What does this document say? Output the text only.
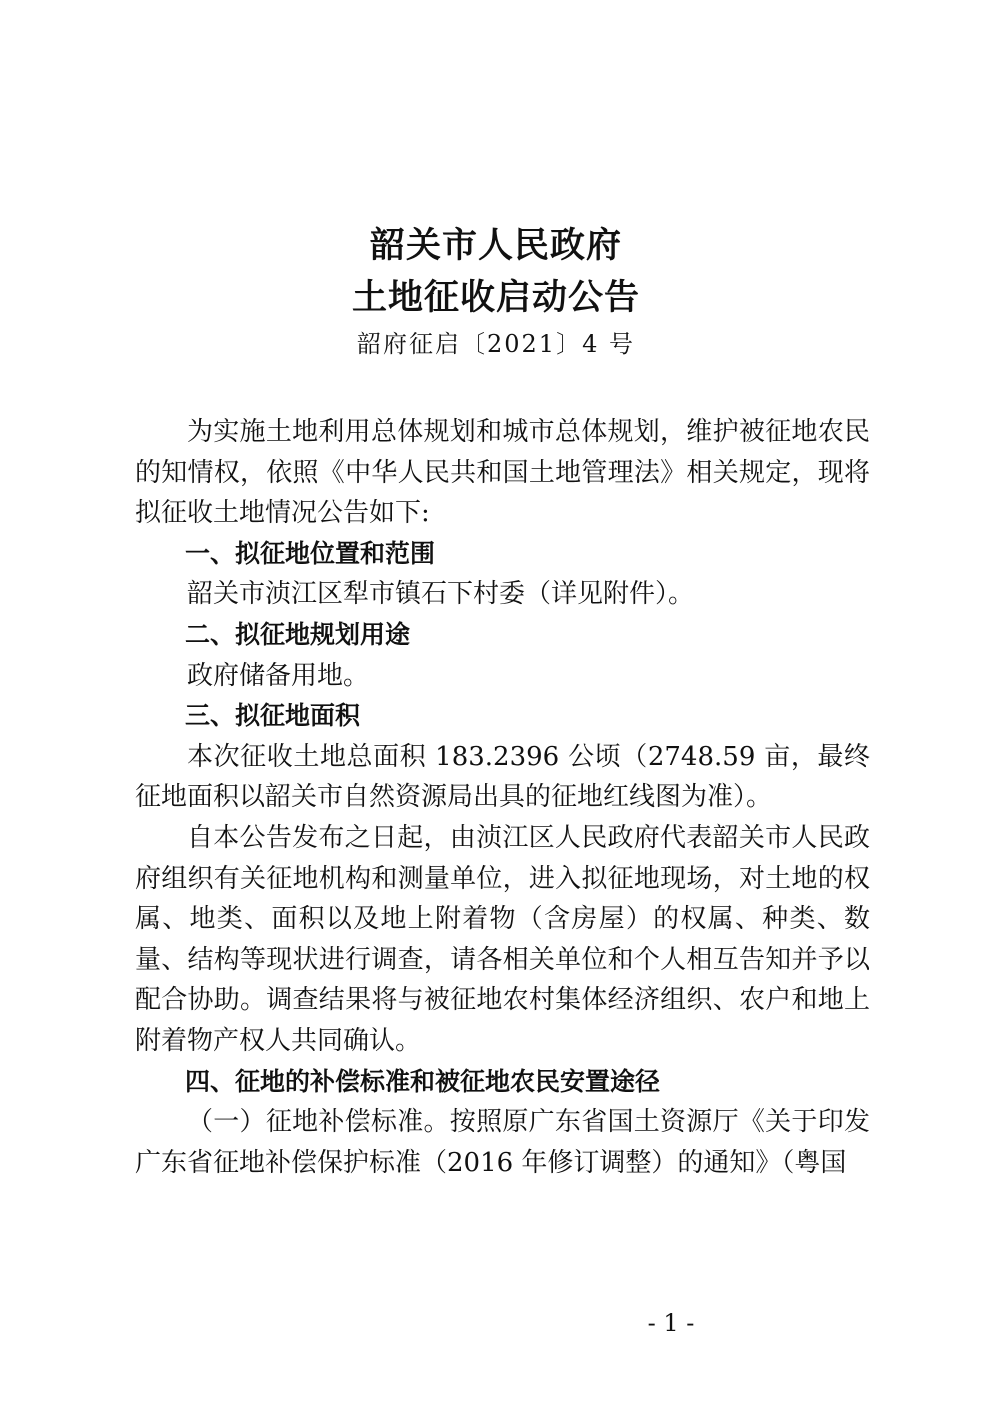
韶关市人民政府
土地征收启动公告
韶府征启〔2021〕4 号

为实施土地利用总体规划和城市总体规划，维护被征地农民的知情权，依照《中华人民共和国土地管理法》相关规定，现将拟征收土地情况公告如下:

一、拟征地位置和范围

韶关市浈江区犁市镇石下村委（详见附件）。

二、拟征地规划用途

政府储备用地。

三、拟征地面积

本次征收土地总面积 183.2396 公顷（2748.59 亩，最终征地面积以韶关市自然资源局出具的征地红线图为准）。

自本公告发布之日起，由浈江区人民政府代表韶关市人民政府组织有关征地机构和测量单位，进入拟征地现场，对土地的权属、地类、面积以及地上附着物（含房屋）的权属、种类、数量、结构等现状进行调查，请各相关单位和个人相互告知并予以配合协助。调查结果将与被征地农村集体经济组织、农户和地上附着物产权人共同确认。

四、征地的补偿标准和被征地农民安置途径

（一）征地补偿标准。按照原广东省国土资源厅《关于印发广东省征地补偿保护标准（2016 年修订调整）的通知》（粤国

- 1 -
